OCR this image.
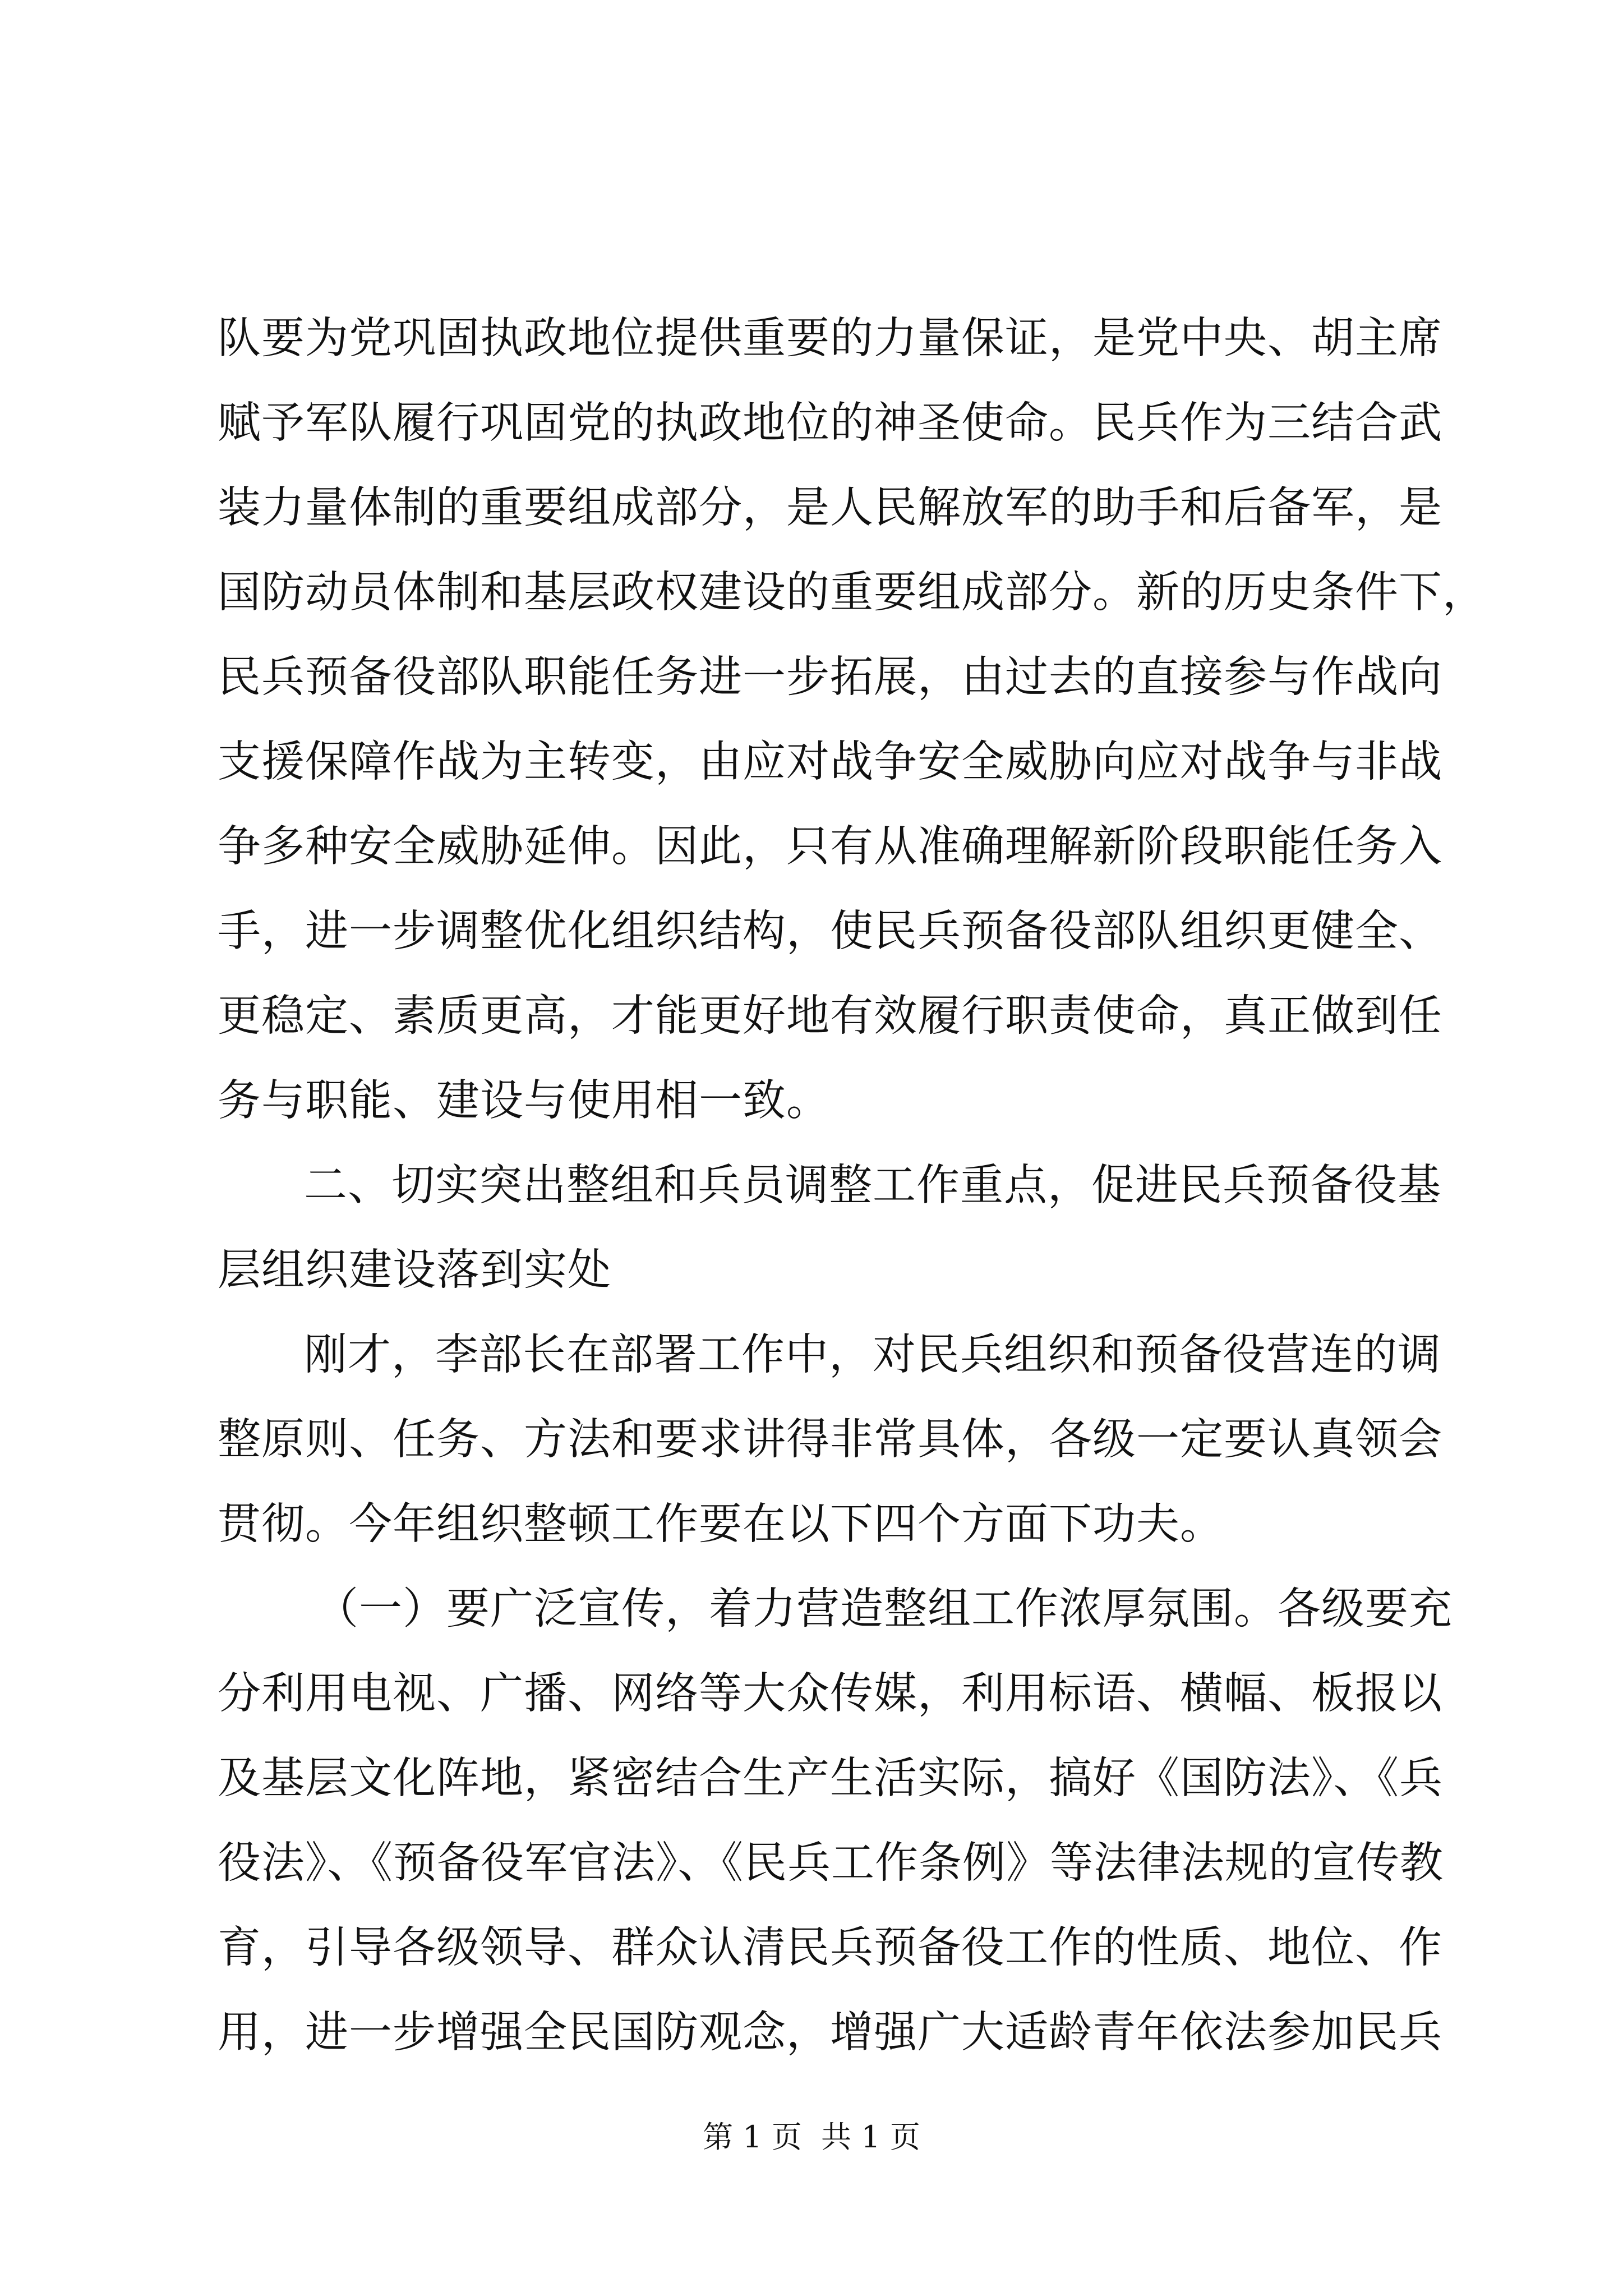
队要为党巩固执政地位提供重要的力量保证，是党中央、胡主席
赋予军队履行巩固党的执政地位的神圣使命。民兵作为三结合武
装力量体制的重要组成部分，是人民解放军的助手和后备军，是
国防动员体制和基层政权建设的重要组成部分。新的历史条件下，
民兵预备役部队职能任务进一步拓展，由过去的直接参与作战向
支援保障作战为主转变，由应对战争安全威胁向应对战争与非战
争多种安全威胁延伸。因此，只有从准确理解新阶段职能任务入
手，进一步调整优化组织结构，使民兵预备役部队组织更健全、
更稳定、素质更高，才能更好地有效履行职责使命，真正做到任
务与职能、建设与使用相一致。
二、切实突出整组和兵员调整工作重点，促进民兵预备役基
层组织建设落到实处
刚才，李部长在部署工作中，对民兵组织和预备役营连的调
整原则、任务、方法和要求讲得非常具体，各级一定要认真领会
贯彻。今年组织整顿工作要在以下四个方面下功夫。
（一）要广泛宣传，着力营造整组工作浓厚氛围。各级要充
分利用电视、广播、网络等大众传媒，利用标语、横幅、板报以
及基层文化阵地，紧密结合生产生活实际，搞好《国防法》、《兵
役法》、《预备役军官法》、《民兵工作条例》等法律法规的宣传教
育，引导各级领导、群众认清民兵预备役工作的性质、地位、作
用，进一步增强全民国防观念，增强广大适龄青年依法参加民兵
第 1 页  共 1 页
